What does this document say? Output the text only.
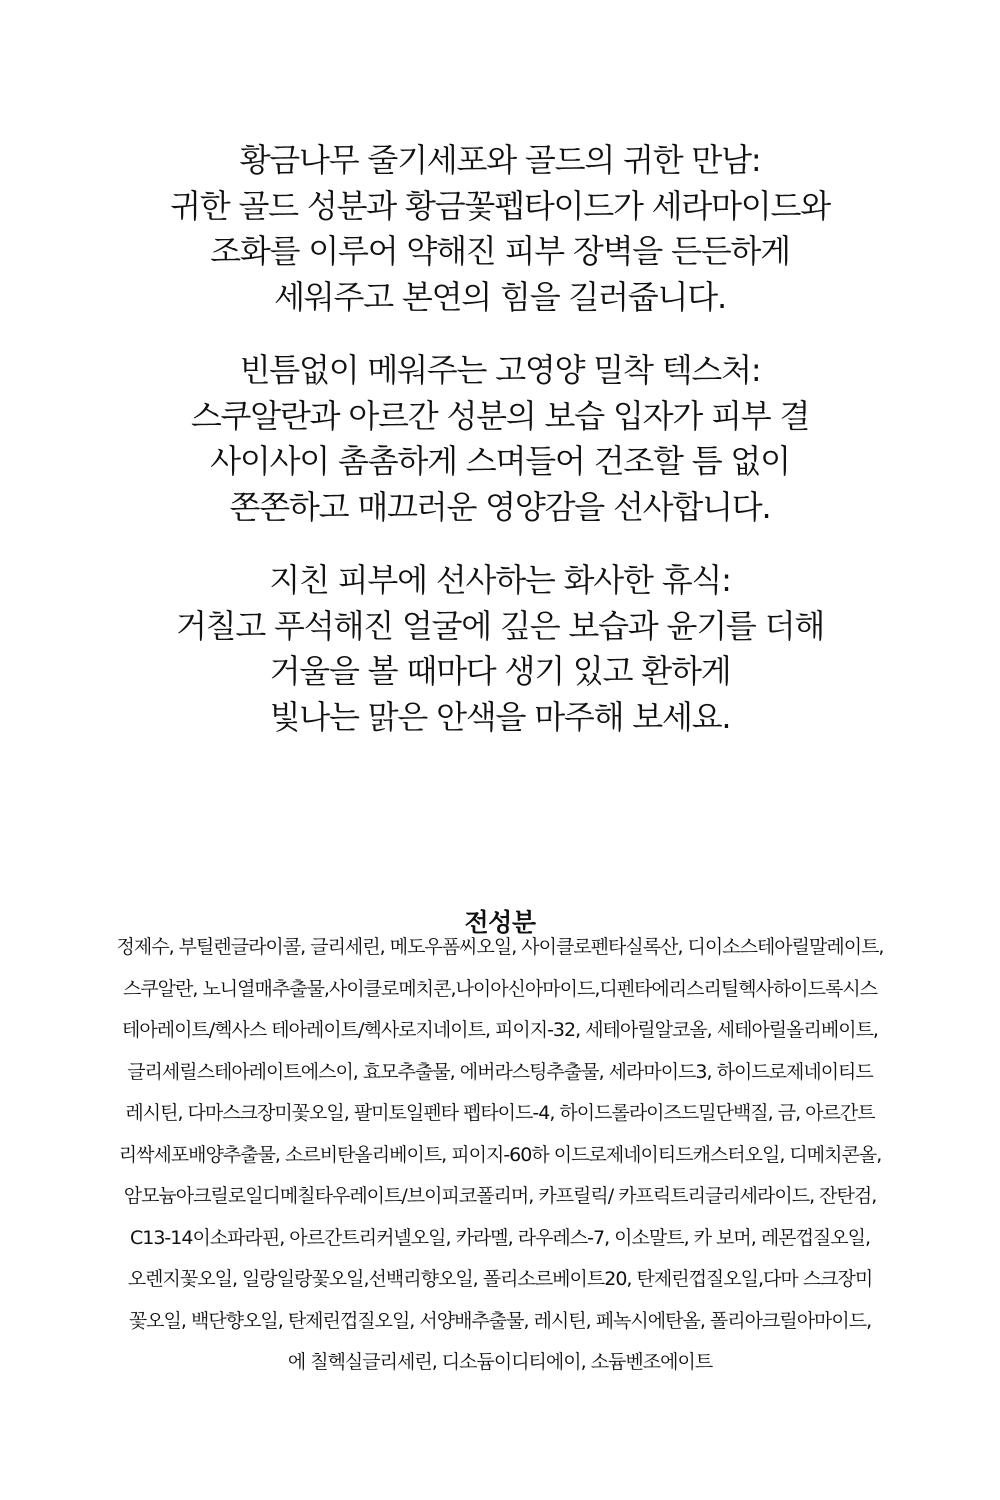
황금나무 줄기세포와 골드의 귀한 만남:
귀한 골드 성분과 황금꽃펩타이드가 세라마이드와
조화를 이루어 약해진 피부 장벽을 든든하게
세워주고 본연의 힘을 길러줍니다.

빈틈없이 메워주는 고영양 밀착 텍스처:
스쿠알란과 아르간 성분의 보습 입자가 피부 결
사이사이 촘촘하게 스며들어 건조할 틈 없이
쫀쫀하고 매끄러운 영양감을 선사합니다.

지친 피부에 선사하는 화사한 휴식:
거칠고 푸석해진 얼굴에 깊은 보습과 윤기를 더해
거울을 볼 때마다 생기 있고 환하게
빛나는 맑은 안색을 마주해 보세요.

전성분
정제수, 부틸렌글라이콜, 글리세린, 메도우폼씨오일, 사이클로펜타실록산, 디이소스테아릴말레이트,
스쿠알란, 노니열매추출물,사이클로메치콘,나이아신아마이드,디펜타에리스리틸헥사하이드록시스
테아레이트/헥사스 테아레이트/헥사로지네이트, 피이지-32, 세테아릴알코올, 세테아릴올리베이트,
글리세릴스테아레이트에스이, 효모추출물, 에버라스팅추출물, 세라마이드3, 하이드로제네이티드
레시틴, 다마스크장미꽃오일, 팔미토일펜타 펩타이드-4, 하이드롤라이즈드밀단백질, 금, 아르간트
리싹세포배양추출물, 소르비탄올리베이트, 피이지-60하 이드로제네이티드캐스터오일, 디메치콘올,
암모늄아크릴로일디메칠타우레이트/브이피코폴리머, 카프릴릭/ 카프릭트리글리세라이드, 잔탄검,
C13-14이소파라핀, 아르간트리커넬오일, 카라멜, 라우레스-7, 이소말트, 카 보머, 레몬껍질오일,
오렌지꽃오일, 일랑일랑꽃오일,선백리향오일, 폴리소르베이트20, 탄제린껍질오일,다마 스크장미
꽃오일, 백단향오일, 탄제린껍질오일, 서양배추출물, 레시틴, 페녹시에탄올, 폴리아크릴아마이드,
에 칠헥실글리세린, 디소듐이디티에이, 소듐벤조에이트
